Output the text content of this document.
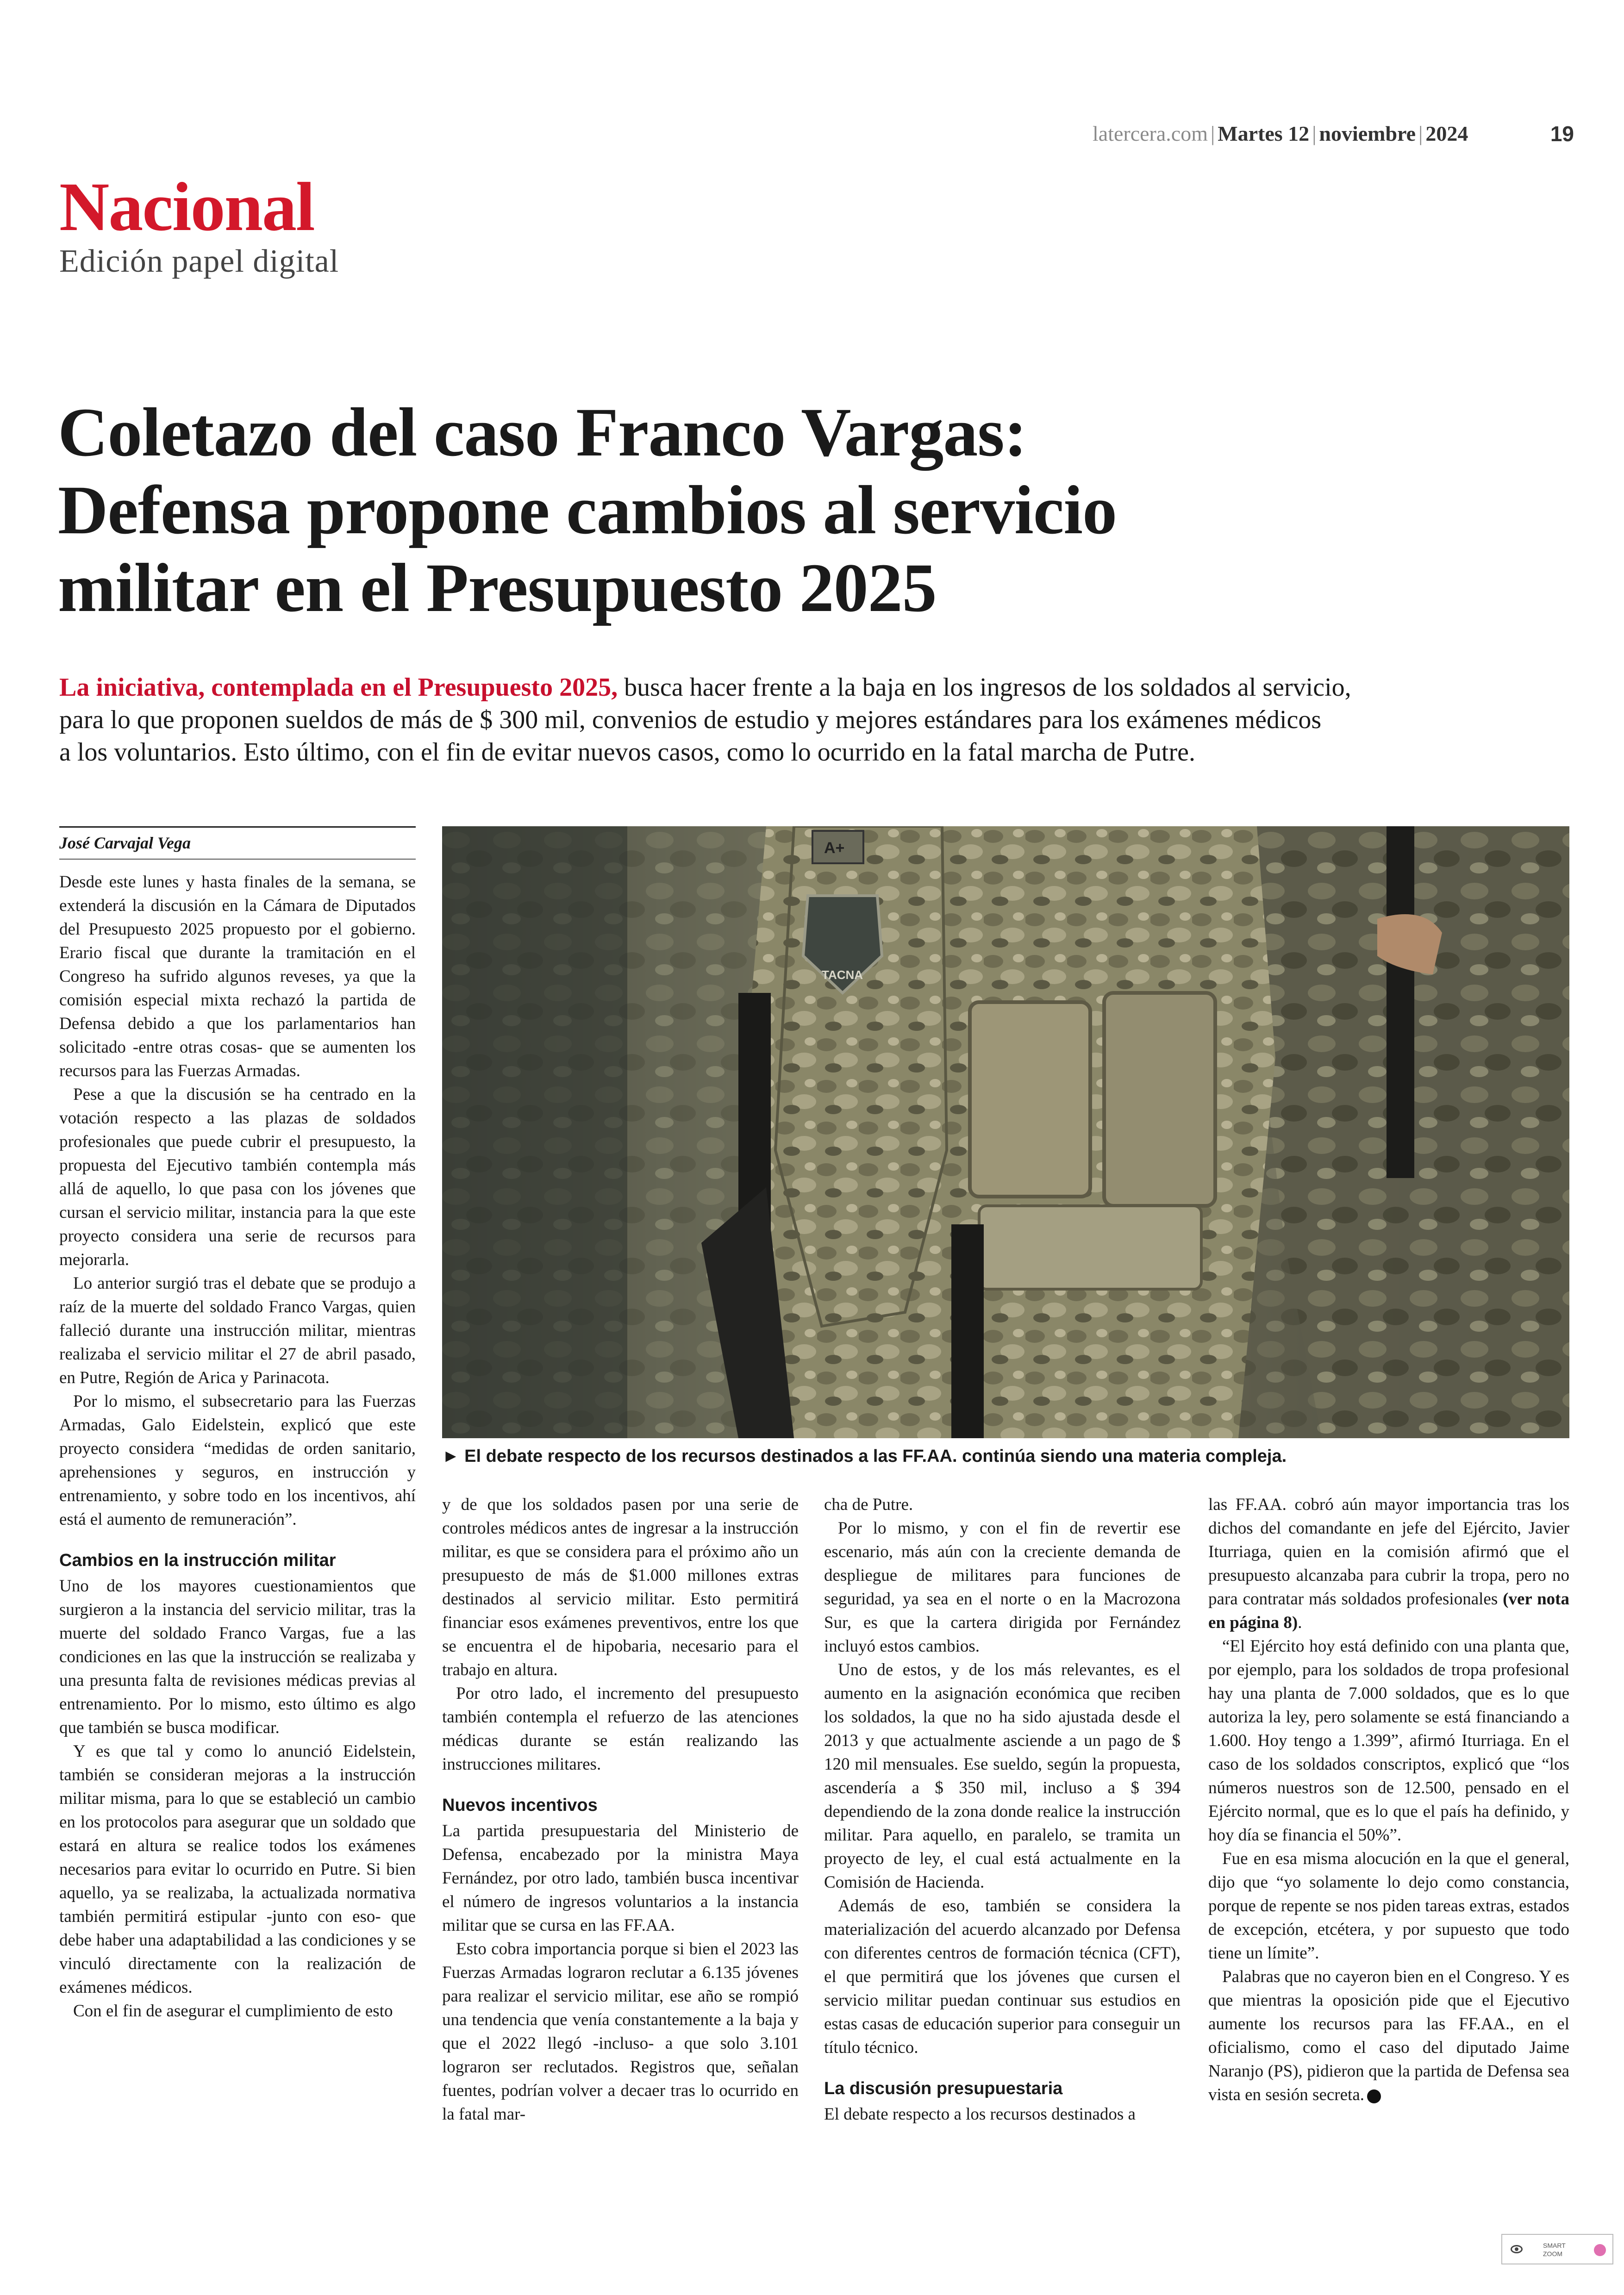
latercera.com | Martes 12 | noviembre | 2024	19
Nacional
Edición papel digital
Coletazo del caso Franco Vargas:
Defensa propone cambios al servicio
militar en el Presupuesto 2025
La iniciativa, contemplada en el Presupuesto 2025, busca hacer frente a la baja en los ingresos de los soldados al servicio,
para lo que proponen sueldos de más de $ 300 mil, convenios de estudio y mejores estándares para los exámenes médicos
a los voluntarios. Esto último, con el fin de evitar nuevos casos, como lo ocurrido en la fatal marcha de Putre.
José Carvajal Vega	A+
TACNA
► El debate respecto de los recursos destinados a las FF.AA. continúa siendo una materia compleja.

Desde este lunes y hasta finales de la semana, se extenderá la discusión en la Cámara de Diputados del Presupuesto 2025 propuesto por el gobierno. Erario fiscal que durante la tramitación en el Congreso ha sufrido algunos reveses, ya que la comisión especial mixta rechazó la partida de Defensa debido a que los parlamentarios han solicitado -entre otras cosas- que se aumenten los recursos para las Fuerzas Armadas.

Pese a que la discusión se ha centrado en la votación respecto a las plazas de soldados profesionales que puede cubrir el presupuesto, la propuesta del Ejecutivo también contempla más allá de aquello, lo que pasa con los jóvenes que cursan el servicio militar, instancia para la que este proyecto considera una serie de recursos para mejorarla.

Lo anterior surgió tras el debate que se produjo a raíz de la muerte del soldado Franco Vargas, quien falleció durante una instrucción militar, mientras realizaba el servicio militar el 27 de abril pasado, en Putre, Región de Arica y Parinacota.

Por lo mismo, el subsecretario para las Fuerzas Armadas, Galo Eidelstein, explicó que este proyecto considera “medidas de orden sanitario, aprehensiones y seguros, en instrucción y entrenamiento, y sobre todo en los incentivos, ahí está el aumento de remuneración”.

Cambios en la instrucción militar

Uno de los mayores cuestionamientos que surgieron a la instancia del servicio militar, tras la muerte del soldado Franco Vargas, fue a las condiciones en las que la instrucción se realizaba y una presunta falta de revisiones médicas previas al entrenamiento. Por lo mismo, esto último es algo que también se busca modificar.

Y es que tal y como lo anunció Eidelstein, también se consideran mejoras a la instrucción militar misma, para lo que se estableció un cambio en los protocolos para asegurar que un soldado que estará en altura se realice todos los exámenes necesarios para evitar lo ocurrido en Putre. Si bien aquello, ya se realizaba, la actualizada normativa también permitirá estipular -junto con eso- que debe haber una adaptabilidad a las condiciones y se vinculó directamente con la realización de exámenes médicos.

Con el fin de asegurar el cumplimiento de esto

y de que los soldados pasen por una serie de controles médicos antes de ingresar a la instrucción militar, es que se considera para el próximo año un presupuesto de más de $1.000 millones extras destinados al servicio militar. Esto permitirá financiar esos exámenes preventivos, entre los que se encuentra el de hipobaria, necesario para el trabajo en altura.

Por otro lado, el incremento del presupuesto también contempla el refuerzo de las atenciones médicas durante se están realizando las instrucciones militares.

Nuevos incentivos

La partida presupuestaria del Ministerio de Defensa, encabezado por la ministra Maya Fernández, por otro lado, también busca incentivar el número de ingresos voluntarios a la instancia militar que se cursa en las FF.AA.

Esto cobra importancia porque si bien el 2023 las Fuerzas Armadas lograron reclutar a 6.135 jóvenes para realizar el servicio militar, ese año se rompió una tendencia que venía constantemente a la baja y que el 2022 llegó -incluso- a que solo 3.101 lograron ser reclutados. Registros que, señalan fuentes, podrían volver a decaer tras lo ocurrido en la fatal mar-

cha de Putre.

Por lo mismo, y con el fin de revertir ese escenario, más aún con la creciente demanda de despliegue de militares para funciones de seguridad, ya sea en el norte o en la Macrozona Sur, es que la cartera dirigida por Fernández incluyó estos cambios.

Uno de estos, y de los más relevantes, es el aumento en la asignación económica que reciben los soldados, la que no ha sido ajustada desde el 2013 y que actualmente asciende a un pago de $ 120 mil mensuales. Ese sueldo, según la propuesta, ascendería a $ 350 mil, incluso a $ 394 dependiendo de la zona donde realice la instrucción militar. Para aquello, en paralelo, se tramita un proyecto de ley, el cual está actualmente en la Comisión de Hacienda.

Además de eso, también se considera la materialización del acuerdo alcanzado por Defensa con diferentes centros de formación técnica (CFT), el que permitirá que los jóvenes que cursen el servicio militar puedan continuar sus estudios en estas casas de educación superior para conseguir un título técnico.

La discusión presupuestaria

El debate respecto a los recursos destinados a

las FF.AA. cobró aún mayor importancia tras los dichos del comandante en jefe del Ejército, Javier Iturriaga, quien en la comisión afirmó que el presupuesto alcanzaba para cubrir la tropa, pero no para contratar más soldados profesionales (ver nota en página 8).

“El Ejército hoy está definido con una planta que, por ejemplo, para los soldados de tropa profesional hay una planta de 7.000 soldados, que es lo que autoriza la ley, pero solamente se está financiando a 1.600. Hoy tengo a 1.399”, afirmó Iturriaga. En el caso de los soldados conscriptos, explicó que “los números nuestros son de 12.500, pensado en el Ejército normal, que es lo que el país ha definido, y hoy día se financia el 50%”.

Fue en esa misma alocución en la que el general, dijo que “yo solamente lo dejo como constancia, porque de repente se nos piden tareas extras, estados de excepción, etcétera, y por supuesto que todo tiene un límite”.

Palabras que no cayeron bien en el Congreso. Y es que mientras la oposición pide que el Ejecutivo aumente los recursos para las FF.AA., en el oficialismo, como el caso del diputado Jaime Naranjo (PS), pidieron que la partida de Defensa sea vista en sesión secreta.

SMART
ZOOM
